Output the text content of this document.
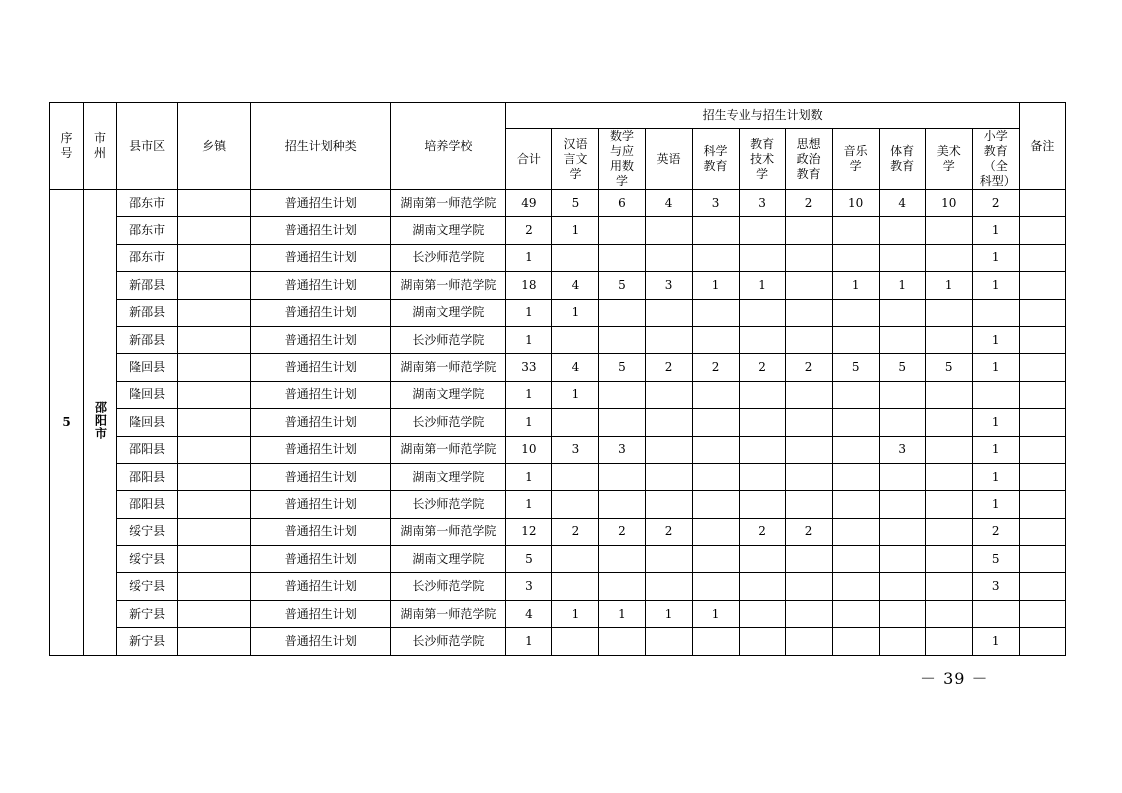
序号	市州	县市区	乡镇	招生计划种类	培养学校	招生专业与招生计划数											备注
						合计	汉语言文学	数学与应用数学	英语	科学教育	教育技术学	思想政治教育	音乐学	体育教育	美术学	小学教育（全科型）	
5	邵阳市	邵东市		普通招生计划	湖南第一师范学院	49	5	6	4	3	3	2	10	4	10	2	
		邵东市		普通招生计划	湖南文理学院	2	1									1	
		邵东市		普通招生计划	长沙师范学院	1										1	
		新邵县		普通招生计划	湖南第一师范学院	18	4	5	3	1	1		1	1	1	1	
		新邵县		普通招生计划	湖南文理学院	1	1										
		新邵县		普通招生计划	长沙师范学院	1										1	
		隆回县		普通招生计划	湖南第一师范学院	33	4	5	2	2	2	2	5	5	5	1	
		隆回县		普通招生计划	湖南文理学院	1	1										
		隆回县		普通招生计划	长沙师范学院	1										1	
		邵阳县		普通招生计划	湖南第一师范学院	10	3	3						3		1	
		邵阳县		普通招生计划	湖南文理学院	1										1	
		邵阳县		普通招生计划	长沙师范学院	1										1	
		绥宁县		普通招生计划	湖南第一师范学院	12	2	2	2		2	2				2	
		绥宁县		普通招生计划	湖南文理学院	5										5	
		绥宁县		普通招生计划	长沙师范学院	3										3	
		新宁县		普通招生计划	湖南第一师范学院	4	1	1	1	1							
		新宁县		普通招生计划	长沙师范学院	1										1	
－ 39 －
